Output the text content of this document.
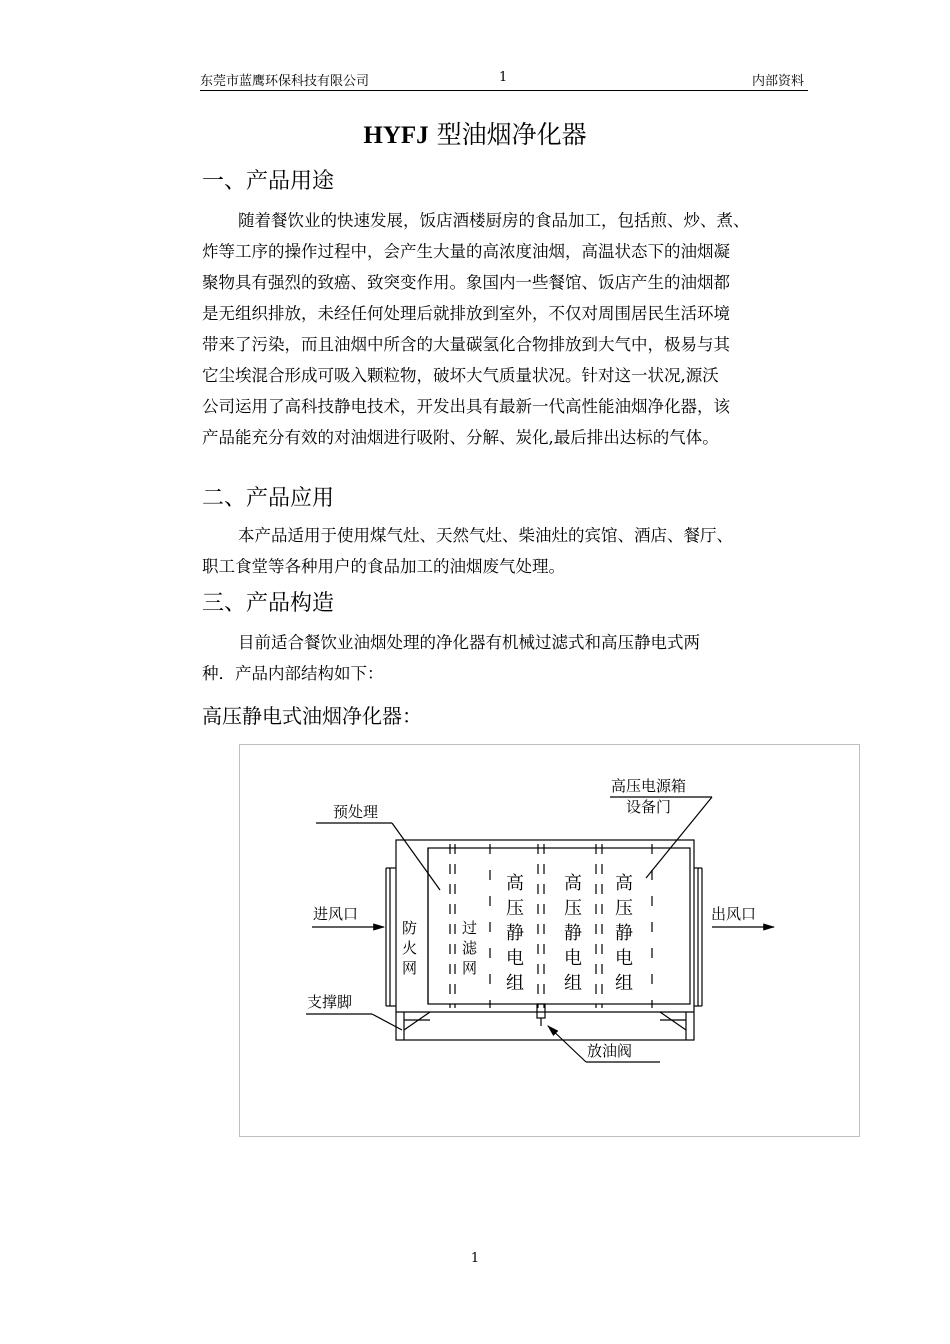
东莞市蓝鹰环保科技有限公司	1	内部资料
HYFJ 型油烟净化器
一、产品用途
随着餐饮业的快速发展，饭店酒楼厨房的食品加工，包括煎、炒、煮、
炸等工序的操作过程中，会产生大量的高浓度油烟，高温状态下的油烟凝
聚物具有强烈的致癌、致突变作用。象国内一些餐馆、饭店产生的油烟都
是无组织排放，未经任何处理后就排放到室外，不仅对周围居民生活环境
带来了污染，而且油烟中所含的大量碳氢化合物排放到大气中，极易与其
它尘埃混合形成可吸入颗粒物，破坏大气质量状况。针对这一状况,源沃
公司运用了高科技静电技术，开发出具有最新一代高性能油烟净化器，该
产品能充分有效的对油烟进行吸附、分解、炭化,最后排出达标的气体。
二、产品应用
本产品适用于使用煤气灶、天然气灶、柴油灶的宾馆、酒店、餐厅、
职工食堂等各种用户的食品加工的油烟废气处理。
三、产品构造
目前适合餐饮业油烟处理的净化器有机械过滤式和高压静电式两
种．产品内部结构如下：
高压静电式油烟净化器：
高压电源箱
设备门
预处理
进风口	出风口
支撑脚
放油阀
防
火
网
过
滤
网
高
压
静
电
组
高
压
静
电
组
高
压
静
电
组
1
